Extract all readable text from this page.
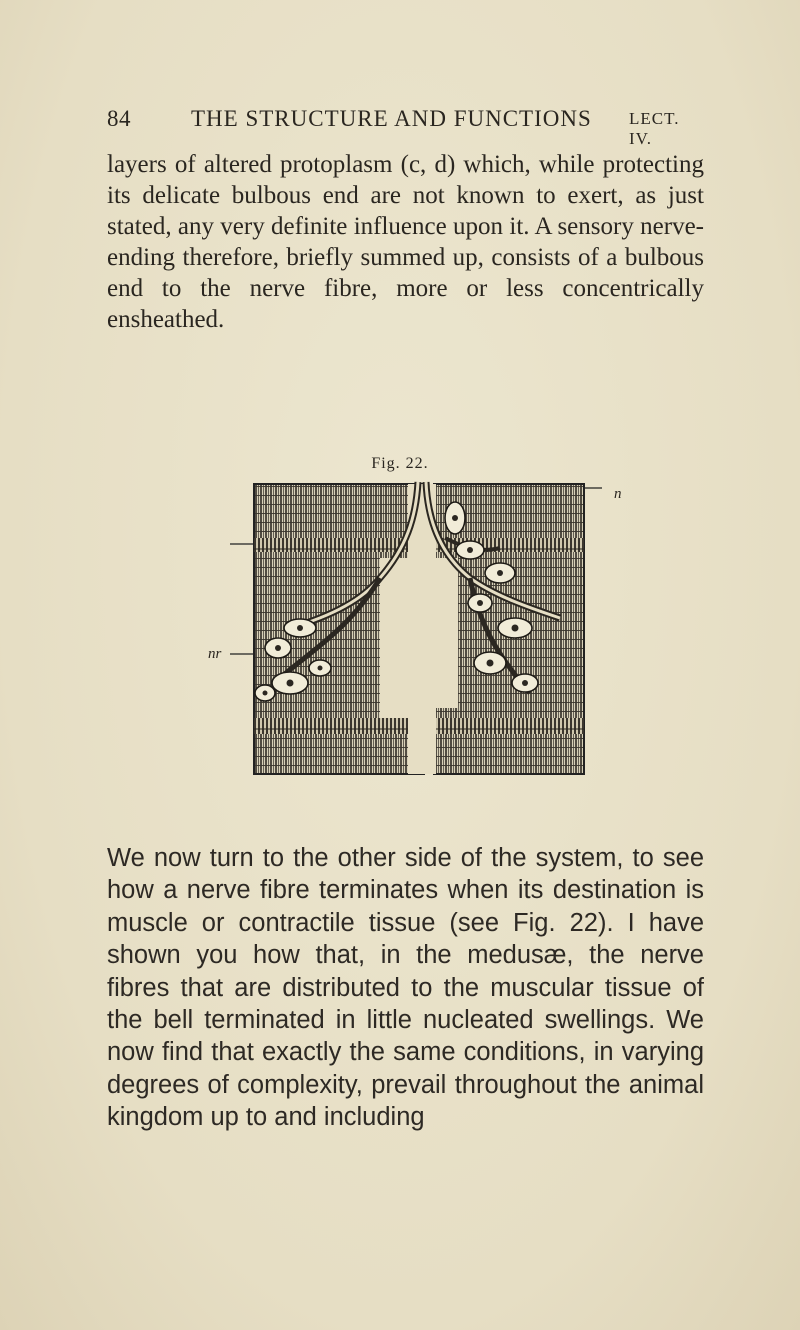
84	THE STRUCTURE AND FUNCTIONS LECT. IV.

layers of altered protoplasm (c, d) which, while protecting its delicate bulbous end are not known to exert, as just stated, any very definite influence upon it. A sensory nerve-ending therefore, briefly summed up, consists of a bulbous end to the nerve fibre, more or less concentrically ensheathed.

Fig. 22.
n
nr

We now turn to the other side of the system, to see how a nerve fibre terminates when its destination is muscle or contractile tissue (see Fig. 22). I have shown you how that, in the medusæ, the nerve fibres that are distributed to the muscular tissue of the bell terminated in little nucleated swellings. We now find that exactly the same conditions, in varying degrees of complexity, prevail throughout the animal kingdom up to and including
